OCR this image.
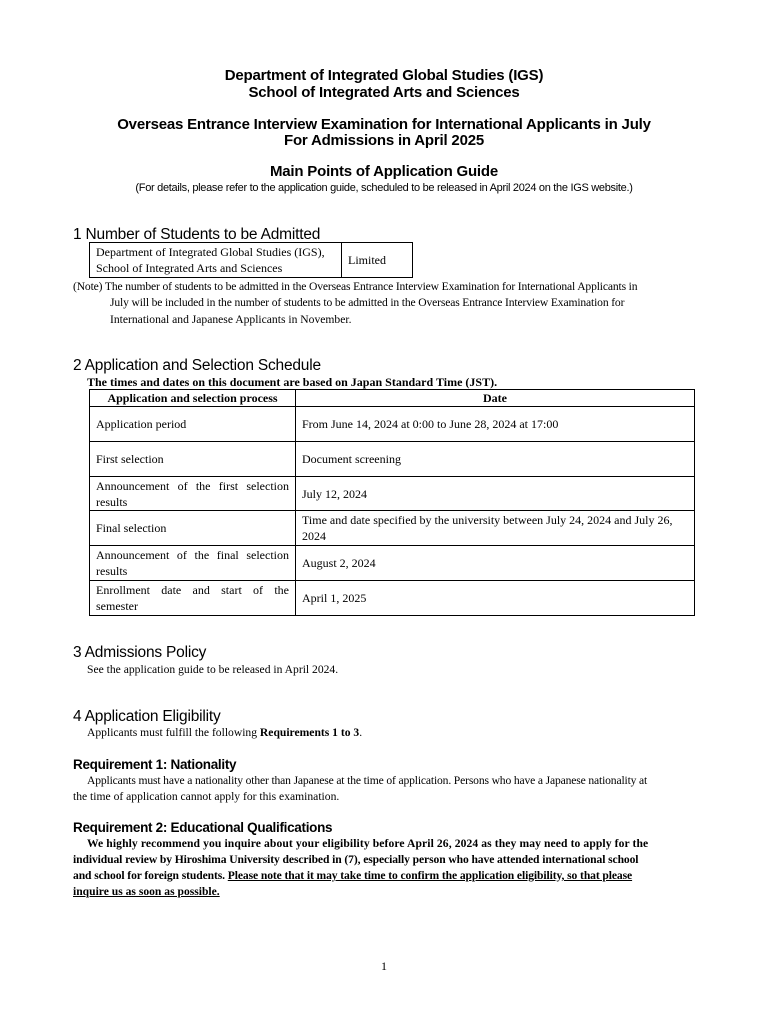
Department of Integrated Global Studies (IGS)
School of Integrated Arts and Sciences
Overseas Entrance Interview Examination for International Applicants in July
For Admissions in April 2025
Main Points of Application Guide
(For details, please refer to the application guide, scheduled to be released in April 2024 on the IGS website.)
1 Number of Students to be Admitted
Department of Integrated Global Studies (IGS),
School of Integrated Arts and Sciences
	Limited
(Note) The number of students to be admitted in the Overseas Entrance Interview Examination for International Applicants in
July will be included in the number of students to be admitted in the Overseas Entrance Interview Examination for
International and Japanese Applicants in November.
2 Application and Selection Schedule
The times and dates on this document are based on Japan Standard Time (JST).
Application and selection process	Date
Application period	From June 14, 2024 at 0:00 to June 28, 2024 at 17:00
First selection	Document screening
Announcement of the first selection results	July 12, 2024
Final selection	Time and date specified by the university between July 24, 2024 and July 26, 2024
Announcement of the final selection results	August 2, 2024
Enrollment date and start of the semester	April 1, 2025
3 Admissions Policy
See the application guide to be released in April 2024.
4 Application Eligibility
Applicants must fulfill the following Requirements 1 to 3.
Requirement 1: Nationality
Applicants must have a nationality other than Japanese at the time of application. Persons who have a Japanese nationality at
the time of application cannot apply for this examination.
Requirement 2: Educational Qualifications
We highly recommend you inquire about your eligibility before April 26, 2024 as they may need to apply for the
individual review by Hiroshima University described in (7), especially person who have attended international school
and school for foreign students. Please note that it may take time to confirm the application eligibility, so that please
inquire us as soon as possible.
1
